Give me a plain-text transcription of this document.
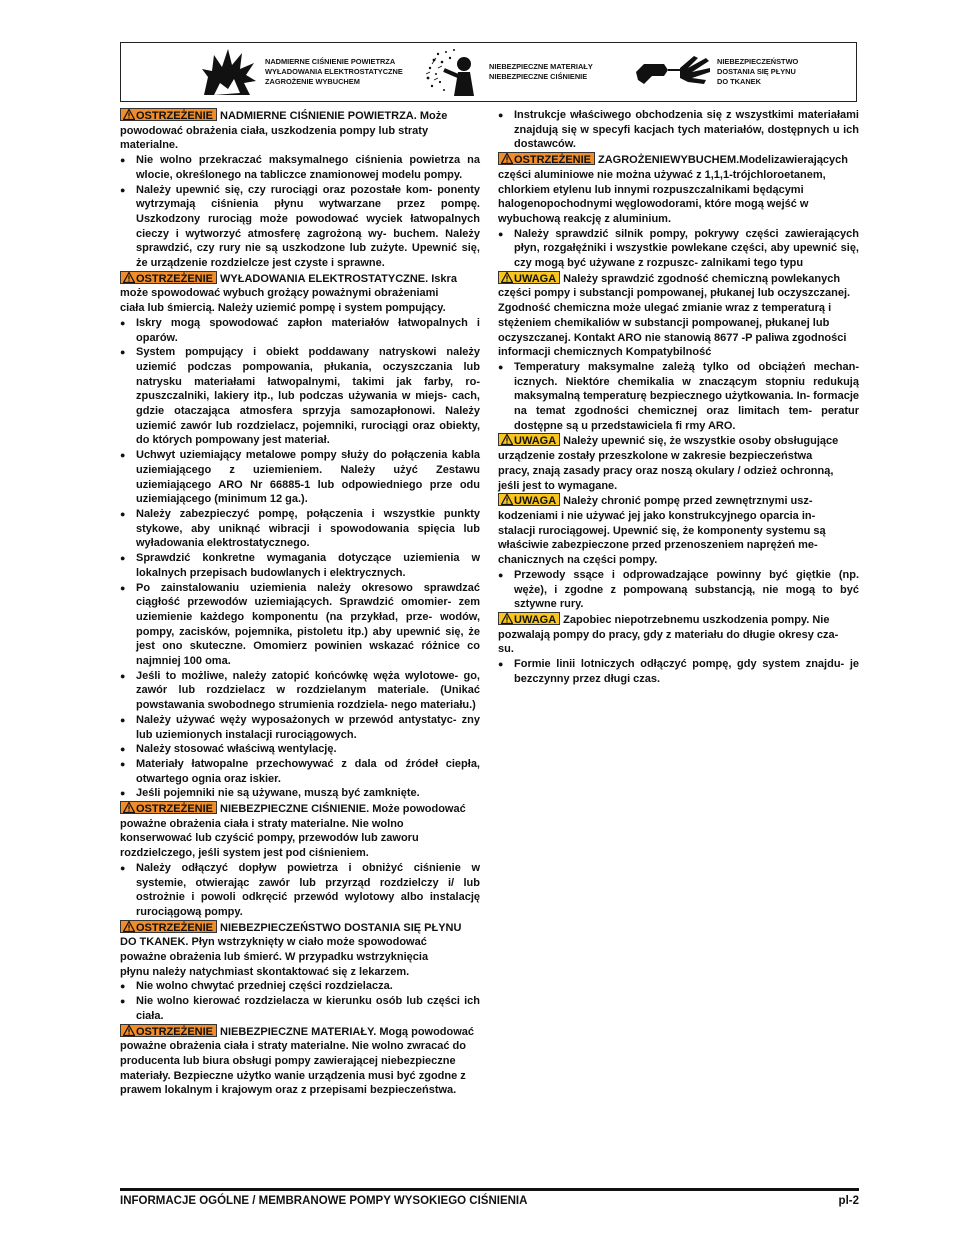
NADMIERNE CIŚNIENIE POWIETRZA
WYŁADOWANIA ELEKTROSTATYCZNE
ZAGROŻENIE WYBUCHEM
NIEBEZPIECZNE MATERIAŁY
NIEBEZPIECZNE CIŚNIENIE
NIEBEZPIECZEŃSTWO
DOSTANIA SIĘ PŁYNU
DO TKANEK
OSTRZEŻENIE NADMIERNE CIŚNIENIE POWIETRZA. Może
powodować obrażenia ciała, uszkodzenia pompy lub straty
materialne.
● Nie wolno przekraczać maksymalnego ciśnienia powietrza na wlocie, określonego na tabliczce znamionowej modelu pompy.
● Należy upewnić się, czy rurociągi oraz pozostałe kom- ponenty wytrzymają ciśnienia płynu wytwarzane przez pompę. Uszkodzony rurociąg może powodować wyciek łatwopalnych cieczy i wytworzyć atmosferę zagrożoną wy- buchem. Należy sprawdzić, czy rury nie są uszkodzone lub zużyte. Upewnić się, że urządzenie rozdzielcze jest czyste i sprawne.
OSTRZEŻENIE WYŁADOWANIA ELEKTROSTATYCZNE. Iskra
może spowodować wybuch grożący poważnymi obrażeniami
ciała lub śmiercią. Należy uziemić pompę i system pompujący.
● Iskry mogą spowodować zapłon materiałów łatwopalnych i oparów.
● System pompujący i obiekt poddawany natryskowi należy uziemić podczas pompowania, płukania, oczyszczania lub natrysku materiałami łatwopalnymi, takimi jak farby, ro- zpuszczalniki, lakiery itp., lub podczas używania w miejs- cach, gdzie otaczająca atmosfera sprzyja samozapłonowi. Należy uziemić zawór lub rozdzielacz, pojemniki, rurociągi oraz obiekty, do których pompowany jest materiał.
● Uchwyt uziemiający metalowe pompy służy do połączenia kabla uziemiającego z uziemieniem. Należy użyć Zestawu uziemiającego ARO Nr 66885-1 lub odpowiedniego prze odu uziemiającego (minimum 12 ga.).
● Należy zabezpieczyć pompę, połączenia i wszystkie punkty stykowe, aby uniknąć wibracji i spowodowania spięcia lub wyładowania elektrostatycznego.
● Sprawdzić konkretne wymagania dotyczące uziemienia w lokalnych przepisach budowlanych i elektrycznych.
● Po zainstalowaniu uziemienia należy okresowo sprawdzać ciągłość przewodów uziemiających. Sprawdzić omomier- zem uziemienie każdego komponentu (na przykład, prze- wodów, pompy, zacisków, pojemnika, pistoletu itp.) aby upewnić się, że jest ono skuteczne. Omomierz powinien wskazać różnice co najmniej 100 oma.
● Jeśli to możliwe, należy zatopić końcówkę węża wylotowe- go, zawór lub rozdzielacz w rozdzielanym materiale. (Unikać powstawania swobodnego strumienia rozdziela- nego materiału.)
● Należy używać węży wyposażonych w przewód antystatyc- zny lub uziemionych instalacji rurociągowych.
● Należy stosować właściwą wentylację.
● Materiały łatwopalne przechowywać z dala od źródeł ciepła, otwartego ognia oraz iskier.
● Jeśli pojemniki nie są używane, muszą być zamknięte.
OSTRZEŻENIE NIEBEZPIECZNE CIŚNIENIE. Może powodować
poważne obrażenia ciała i straty materialne. Nie wolno
konserwować lub czyścić pompy, przewodów lub zaworu
rozdzielczego, jeśli system jest pod ciśnieniem.
● Należy odłączyć dopływ powietrza i obniżyć ciśnienie w systemie, otwierając zawór lub przyrząd rozdzielczy i/ lub ostrożnie i powoli odkręcić przewód wylotowy albo instalację rurociągową pompy.
OSTRZEŻENIE NIEBEZPIECZEŃSTWO DOSTANIA SIĘ PŁYNU
DO TKANEK. Płyn wstrzyknięty w ciało może spowodować
poważne obrażenia lub śmierć. W przypadku wstrzyknięcia
płynu należy natychmiast skontaktować się z lekarzem.
● Nie wolno chwytać przedniej części rozdzielacza.
● Nie wolno kierować rozdzielacza w kierunku osób lub części ich ciała.
OSTRZEŻENIE NIEBEZPIECZNE MATERIAŁY. Mogą powodować
poważne obrażenia ciała i straty materialne. Nie wolno zwracać do
producenta lub biura obsługi pompy zawierającej niebezpieczne
materiały. Bezpieczne użytko wanie urządzenia musi być zgodne z
prawem lokalnym i krajowym oraz z przepisami bezpieczeństwa.
● Instrukcje właściwego obchodzenia się z wszystkimi materiałami znajdują się w specyfi kacjach tych materiałów, dostępnych u ich dostawców.
OSTRZEŻENIE ZAGROŻENIEWYBUCHEM.Modelizawierających
części aluminiowe nie można używać z 1,1,1-trójchloroetanem,
chlorkiem etylenu lub innymi rozpuszczalnikami będącymi
halogenopochodnymi węglowodorami, które mogą wejść w
wybuchową reakcję z aluminium.
● Należy sprawdzić silnik pompy, pokrywy części zawierających płyn, rozgałęźniki i wszystkie powlekane części, aby upewnić się, czy mogą być używane z rozpuszc- zalnikami tego typu
UWAGA Należy sprawdzić zgodność chemiczną powlekanych
części pompy i substancji pompowanej, płukanej lub oczyszczanej.
Zgodność chemiczna może ulegać zmianie wraz z temperaturą i
stężeniem chemikaliów w substancji pompowanej, płukanej lub
oczyszczanej. Kontakt ARO nie stanowią 8677 -P paliwa zgodności
informacji chemicznych Kompatybilność
● Temperatury maksymalne zależą tylko od obciążeń mechan- icznych. Niektóre chemikalia w znaczącym stopniu redukują maksymalną temperaturę bezpiecznego użytkowania. In- formacje na temat zgodności chemicznej oraz limitach tem- peratur dostępne są u przedstawiciela fi rmy ARO.
UWAGA Należy upewnić się, że wszystkie osoby obsługujące
urządzenie zostały przeszkolone w zakresie bezpieczeństwa
pracy, znają zasady pracy oraz noszą okulary / odzież ochronną,
jeśli jest to wymagane.
UWAGA Należy chronić pompę przed zewnętrznymi usz-
kodzeniami i nie używać jej jako konstrukcyjnego oparcia in-
stalacji rurociągowej. Upewnić się, że komponenty systemu są
właściwie zabezpieczone przed przenoszeniem naprężeń me-
chanicznych na części pompy.
● Przewody ssące i odprowadzające powinny być giętkie (np. węże), i zgodne z pompowaną substancją, nie mogą to być sztywne rury.
UWAGA Zapobiec niepotrzebnemu uszkodzenia pompy. Nie
pozwalają pompy do pracy, gdy z materiału do długie okresy cza-
su.
● Formie linii lotniczych odłączyć pompę, gdy system znajdu- je bezczynny przez długi czas.
INFORMACJE OGÓLNE / MEMBRANOWE POMPY WYSOKIEGO CIŚNIENIA	pl-2
